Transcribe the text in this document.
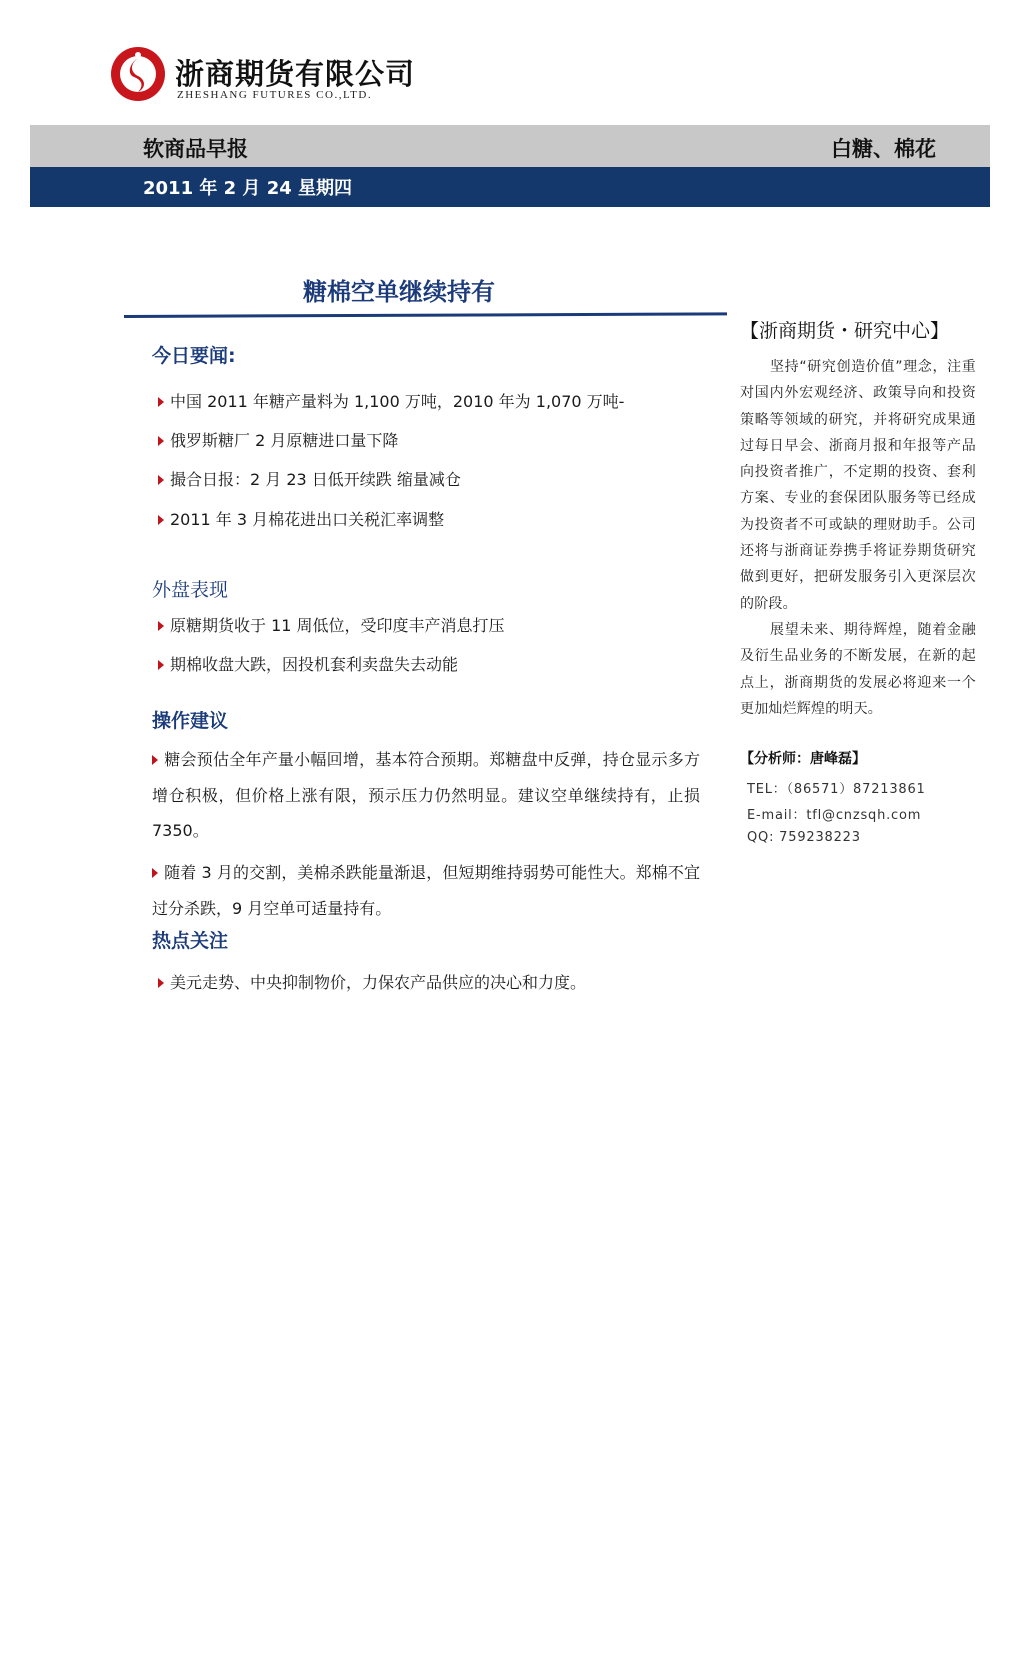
浙商期货有限公司
ZHESHANG FUTURES CO.,LTD.
软商品早报	白糖、棉花
2011 年 2 月 24 星期四
糖棉空单继续持有
今日要闻:
中国 2011 年糖产量料为 1,100 万吨，2010 年为 1,070 万吨-
俄罗斯糖厂 2 月原糖进口量下降
撮合日报：2 月 23 日低开续跌 缩量减仓
2011 年 3 月棉花进出口关税汇率调整
外盘表现
原糖期货收于 11 周低位，受印度丰产消息打压
期棉收盘大跌，因投机套利卖盘失去动能
操作建议
糖会预估全年产量小幅回增，基本符合预期。郑糖盘中反弹，持仓显示多方增仓积极，但价格上涨有限，预示压力仍然明显。建议空单继续持有，止损 7350。
随着 3 月的交割，美棉杀跌能量渐退，但短期维持弱势可能性大。郑棉不宜过分杀跌，9 月空单可适量持有。
热点关注
美元走势、中央抑制物价，力保农产品供应的决心和力度。
【浙商期货・研究中心】
坚持“研究创造价值”理念，注重对国内外宏观经济、政策导向和投资策略等领域的研究，并将研究成果通过每日早会、浙商月报和年报等产品向投资者推广，不定期的投资、套利方案、专业的套保团队服务等已经成为投资者不可或缺的理财助手。公司还将与浙商证券携手将证券期货研究做到更好，把研发服务引入更深层次的阶段。
展望未来、期待辉煌，随着金融及衍生品业务的不断发展，在新的起点上，浙商期货的发展必将迎来一个更加灿烂辉煌的明天。
【分析师：唐峰磊】
TEL：（86571）87213861
E-mail：tfl@cnzsqh.com
QQ: 759238223
